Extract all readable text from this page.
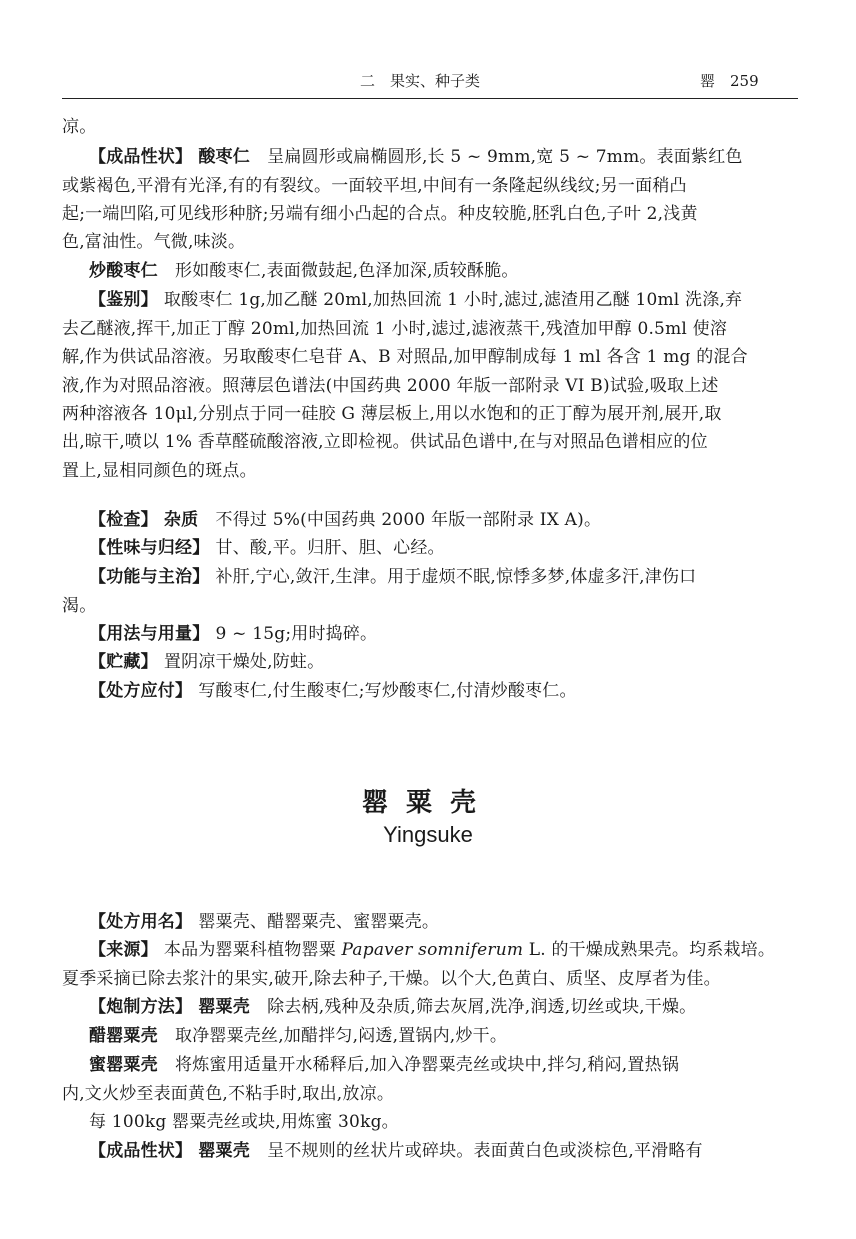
二　果实、种子类	罂　259
凉。
【成品性状】 酸枣仁　呈扁圆形或扁椭圆形,长 5 ~ 9mm,宽 5 ~ 7mm。表面紫红色
或紫褐色,平滑有光泽,有的有裂纹。一面较平坦,中间有一条隆起纵线纹;另一面稍凸
起;一端凹陷,可见线形种脐;另端有细小凸起的合点。种皮较脆,胚乳白色,子叶 2,浅黄
色,富油性。气微,味淡。
炒酸枣仁　形如酸枣仁,表面微鼓起,色泽加深,质较酥脆。
【鉴别】 取酸枣仁 1g,加乙醚 20ml,加热回流 1 小时,滤过,滤渣用乙醚 10ml 洗涤,弃
去乙醚液,挥干,加正丁醇 20ml,加热回流 1 小时,滤过,滤液蒸干,残渣加甲醇 0.5ml 使溶
解,作为供试品溶液。另取酸枣仁皂苷 A、B 对照品,加甲醇制成每 1 ml 各含 1 mg 的混合
液,作为对照品溶液。照薄层色谱法(中国药典 2000 年版一部附录 VI B)试验,吸取上述
两种溶液各 10μl,分别点于同一硅胶 G 薄层板上,用以水饱和的正丁醇为展开剂,展开,取
出,晾干,喷以 1% 香草醛硫酸溶液,立即检视。供试品色谱中,在与对照品色谱相应的位
置上,显相同颜色的斑点。
【检查】 杂质　不得过 5%(中国药典 2000 年版一部附录 IX A)。
【性味与归经】 甘、酸,平。归肝、胆、心经。
【功能与主治】 补肝,宁心,敛汗,生津。用于虚烦不眠,惊悸多梦,体虚多汗,津伤口
渴。
【用法与用量】 9 ~ 15g;用时捣碎。
【贮藏】 置阴凉干燥处,防蛀。
【处方应付】 写酸枣仁,付生酸枣仁;写炒酸枣仁,付清炒酸枣仁。
罂粟壳
Yingsuke
【处方用名】 罂粟壳、醋罂粟壳、蜜罂粟壳。
【来源】 本品为罂粟科植物罂粟 Papaver somniferum L. 的干燥成熟果壳。均系栽培。
夏季采摘已除去浆汁的果实,破开,除去种子,干燥。以个大,色黄白、质坚、皮厚者为佳。
【炮制方法】 罂粟壳　除去柄,残种及杂质,筛去灰屑,洗净,润透,切丝或块,干燥。
醋罂粟壳　取净罂粟壳丝,加醋拌匀,闷透,置锅内,炒干。
蜜罂粟壳　将炼蜜用适量开水稀释后,加入净罂粟壳丝或块中,拌匀,稍闷,置热锅
内,文火炒至表面黄色,不粘手时,取出,放凉。
每 100kg 罂粟壳丝或块,用炼蜜 30kg。
【成品性状】 罂粟壳　呈不规则的丝状片或碎块。表面黄白色或淡棕色,平滑略有
